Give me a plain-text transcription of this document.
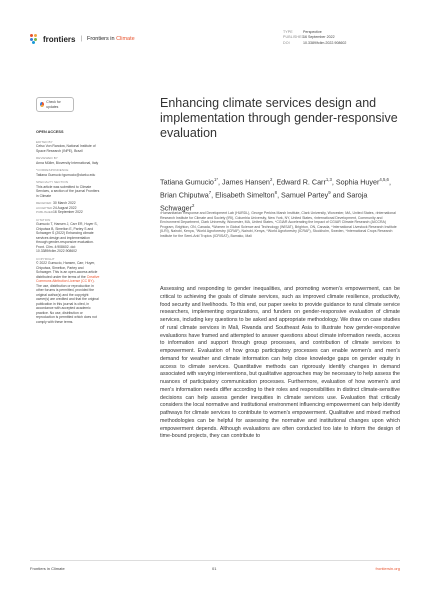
frontiers | Frontiers in Climate
TYPE	Perspective
PUBLISHED16 September 2022
DOI	10.3389/fclim.2022.908602
Check for updates
OPEN ACCESS
EDITED BY
Celso Von Randow, National Institute of Space Research (INPE), Brazil
REVIEWED BY
Anna Müller, Bioversity International, Italy
*CORRESPONDENCE
Tatiana Gumucio tgumucio@clarku.edu
SPECIALTY SECTION
This article was submitted to Climate Services, a section of the journal Frontiers in Climate
RECEIVED 30 March 2022
ACCEPTED24 August 2022
PUBLISHED16 September 2022
CITATION
Gumucio T, Hansen J, Carr ER, Huyer S, Chiputwa B, Simelton E, Partey S and Schwager S (2022) Enhancing climate services design and implementation through gender-responsive evaluation. Front. Clim. 4:908602. doi: 10.3389/fclim.2022.908602
COPYRIGHT
© 2022 Gumucio, Hansen, Carr, Huyer, Chiputwa, Simelton, Partey and Schwager. This is an open-access article distributed under the terms of the Creative Commons Attribution License (CC BY). The use, distribution or reproduction in other forums is permitted, provided the original author(s) and the copyright owner(s) are credited and that the original publication in this journal is cited, in accordance with accepted academic practice. No use, distribution or reproduction is permitted which does not comply with these terms.
Enhancing climate services design and implementation through gender-responsive evaluation
Tatiana Gumucio$^{1*}$, James Hansen$^2$, Edward R. Carr$^{1,3}$, Sophia Huyer$^{4,5,6}$, Brian Chiputwa$^7$, Elisabeth Simelton$^8$, Samuel Partey$^9$ and Saroja Schwager$^2$
¹Humanitarian Response and Development Lab (HURDL), George Perkins Marsh Institute, Clark University, Worcester, MA, United States, ²International Research Institute for Climate and Society (IRI), Columbia University, New York, NY, United States, ³International Development, Community and Environment Department, Clark University, Worcester, MA, United States, ⁴CGIAR Accelerating the Impact of CGIAR Climate Research (AICCRA) Program, Brighton, ON, Canada, ⁵Women in Global Science and Technology (WISAT), Brighton, ON, Canada, ⁶International Livestock Research Institute (ILRI), Nairobi, Kenya, ⁷World Agroforestry (ICRAF), Nairobi, Kenya, ⁸World Agroforestry (ICRAF), Stockholm, Sweden, ⁹International Crops Research Institute for the Semi-Arid Tropics (ICRISAT), Bamako, Mali

Assessing and responding to gender inequalities, and promoting women's empowerment, can be critical to achieving the goals of climate services, such as improved climate resilience, productivity, food security and livelihoods. To this end, our paper seeks to provide guidance to rural climate service researchers, implementing organizations, and funders on gender-responsive evaluation of climate services, including key questions to be asked and appropriate methodology. We draw on case studies of rural climate services in Mali, Rwanda and Southeast Asia to illustrate how gender-responsive evaluations have framed and attempted to answer questions about climate information needs, access to information and support through group processes, and contribution of climate services to empowerment. Evaluation of how group participatory processes can enable women's and men's demand for weather and climate information can help close knowledge gaps on gender equity in access to climate services. Quantitative methods can rigorously identify changes in demand associated with varying interventions, but qualitative approaches may be necessary to help assess the nuances of participatory communication processes. Furthermore, evaluation of how women's and men's information needs differ according to their roles and responsibilities in distinct climate-sensitive decisions can help assess gender inequities in climate services use. Evaluation that critically considers the local normative and institutional environment influencing empowerment can help identify pathways for climate services to contribute to women's empowerment. Qualitative and mixed method methodologies can be helpful for assessing the normative and institutional changes upon which empowerment depends. Although evaluations are often conducted too late to inform the design of time-bound projects, they can contribute to

Frontiers in Climate	01	frontiersin.org
